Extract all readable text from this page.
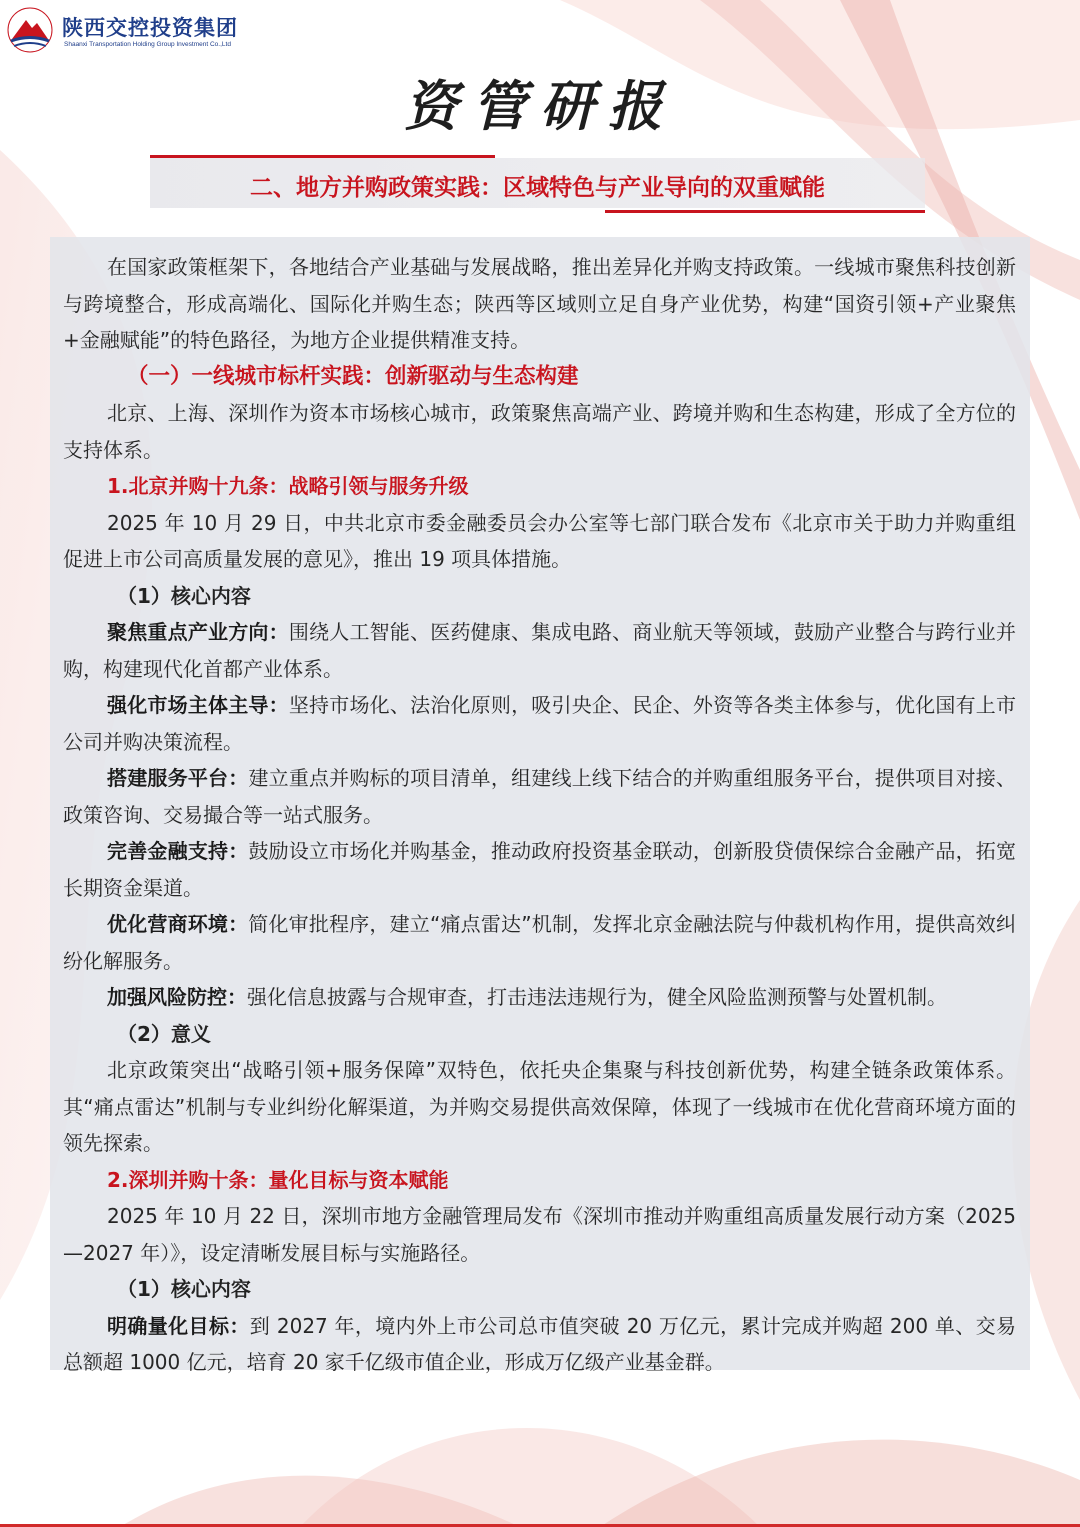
陕西交控投资集团
Shaanxi Transportation Holding Group Investment Co.,Ltd
资管研报
二、地方并购政策实践：区域特色与产业导向的双重赋能

在国家政策框架下，各地结合产业基础与发展战略，推出差异化并购支持政策。一线城市聚焦科技创新与跨境整合，形成高端化、国际化并购生态；陕西等区域则立足自身产业优势，构建“国资引领+产业聚焦+金融赋能”的特色路径，为地方企业提供精准支持。

（一）一线城市标杆实践：创新驱动与生态构建

北京、上海、深圳作为资本市场核心城市，政策聚焦高端产业、跨境并购和生态构建，形成了全方位的支持体系。

1.北京并购十九条：战略引领与服务升级

2025 年 10 月 29 日，中共北京市委金融委员会办公室等七部门联合发布《北京市关于助力并购重组促进上市公司高质量发展的意见》，推出 19 项具体措施。

（1）核心内容

聚焦重点产业方向：围绕人工智能、医药健康、集成电路、商业航天等领域，鼓励产业整合与跨行业并购，构建现代化首都产业体系。

强化市场主体主导：坚持市场化、法治化原则，吸引央企、民企、外资等各类主体参与，优化国有上市公司并购决策流程。

搭建服务平台：建立重点并购标的项目清单，组建线上线下结合的并购重组服务平台，提供项目对接、政策咨询、交易撮合等一站式服务。

完善金融支持：鼓励设立市场化并购基金，推动政府投资基金联动，创新股贷债保综合金融产品，拓宽长期资金渠道。

优化营商环境：简化审批程序，建立“痛点雷达”机制，发挥北京金融法院与仲裁机构作用，提供高效纠纷化解服务。

加强风险防控：强化信息披露与合规审查，打击违法违规行为，健全风险监测预警与处置机制。

（2）意义

北京政策突出“战略引领+服务保障”双特色，依托央企集聚与科技创新优势，构建全链条政策体系。其“痛点雷达”机制与专业纠纷化解渠道，为并购交易提供高效保障，体现了一线城市在优化营商环境方面的领先探索。

2.深圳并购十条：量化目标与资本赋能

2025 年 10 月 22 日，深圳市地方金融管理局发布《深圳市推动并购重组高质量发展行动方案（2025—2027 年）》，设定清晰发展目标与实施路径。

（1）核心内容

明确量化目标：到 2027 年，境内外上市公司总市值突破 20 万亿元，累计完成并购超 200 单、交易总额超 1000 亿元，培育 20 家千亿级市值企业，形成万亿级产业基金群。
